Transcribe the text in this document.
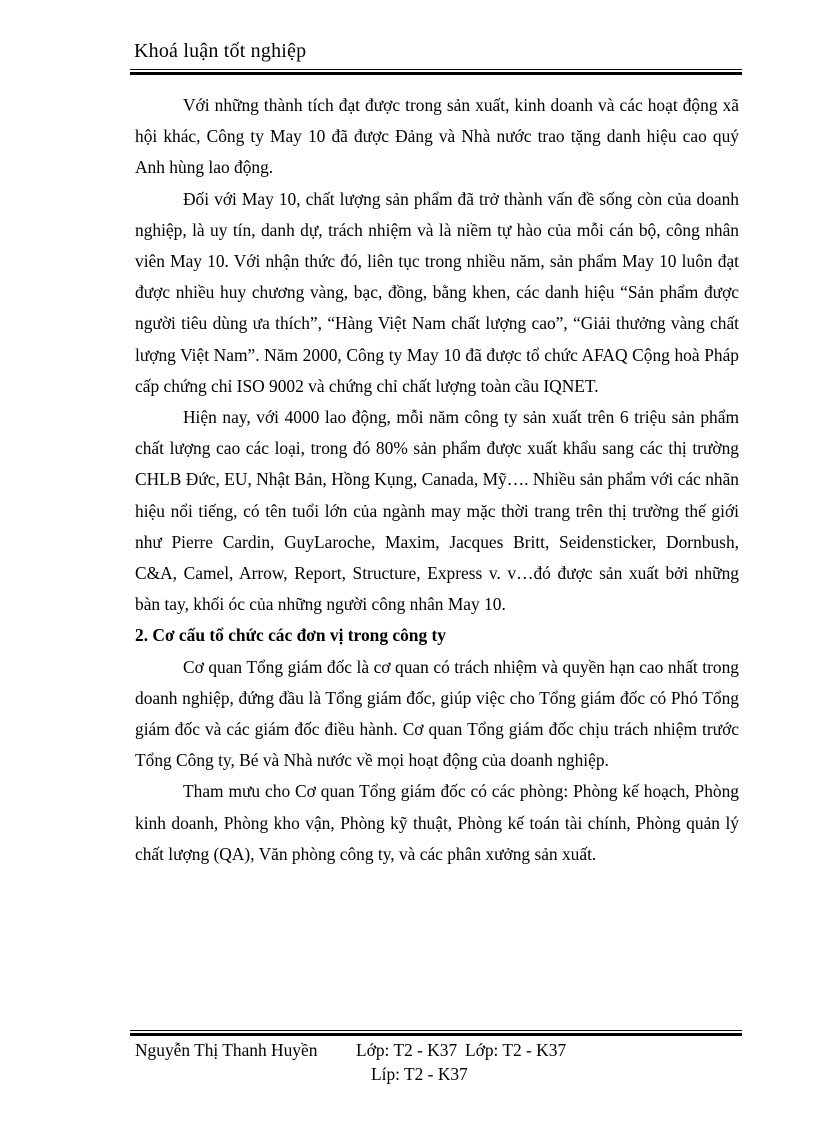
Khoá luận tốt nghiệp

Với những thành tích đạt được trong sản xuất, kinh doanh và các hoạt động xã hội khác, Công ty May 10 đã được Đảng và Nhà nước trao tặng danh hiệu cao quý Anh hùng lao động.

Đối với May 10, chất lượng sản phẩm đã trở thành vấn đề sống còn của doanh nghiệp, là uy tín, danh dự, trách nhiệm và là niềm tự hào của mỗi cán bộ, công nhân viên May 10. Với nhận thức đó, liên tục trong nhiều năm, sản phẩm May 10 luôn đạt được nhiều huy chương vàng, bạc, đồng, bằng khen, các danh hiệu “Sản phẩm được người tiêu dùng ưa thích”, “Hàng Việt Nam chất lượng cao”, “Giải thưởng vàng chất lượng Việt Nam”. Năm 2000, Công ty May 10 đã được tổ chức AFAQ Cộng hoà Pháp cấp chứng chỉ ISO 9002 và chứng chỉ chất lượng toàn cầu IQNET.

Hiện nay, với 4000 lao động, mỗi năm công ty sản xuất trên 6 triệu sản phẩm chất lượng cao các loại, trong đó 80% sản phẩm được xuất khẩu sang các thị trường CHLB Đức, EU, Nhật Bản, Hồng Kụng, Canada, Mỹ…. Nhiều sản phẩm với các nhãn hiệu nổi tiếng, có tên tuổi lớn của ngành may mặc thời trang trên thị trường thế giới như Pierre Cardin, GuyLaroche, Maxim, Jacques Britt, Seidensticker, Dornbush, C&A, Camel, Arrow, Report, Structure, Express v. v…đó được sản xuất bởi những bàn tay, khối óc của những người công nhân May 10.

2. Cơ cấu tổ chức các đơn vị trong công ty

Cơ quan Tổng giám đốc là cơ quan có trách nhiệm và quyền hạn cao nhất trong doanh nghiệp, đứng đầu là Tổng giám đốc, giúp việc cho Tổng giám đốc có Phó Tổng giám đốc và các giám đốc điều hành. Cơ quan Tổng giám đốc chịu trách nhiệm trước Tổng Công ty, Bé và Nhà nước về mọi hoạt động của doanh nghiệp.

Tham mưu cho Cơ quan Tổng giám đốc có các phòng: Phòng kế hoạch, Phòng kinh doanh, Phòng kho vận, Phòng kỹ thuật, Phòng kế toán tài chính, Phòng quản lý chất lượng (QA), Văn phòng công ty, và các phân xưởng sản xuất.

Nguyễn Thị Thanh Huyền Lớp: T2 - K37 Lớp: T2 - K37
Líp: T2 - K37
